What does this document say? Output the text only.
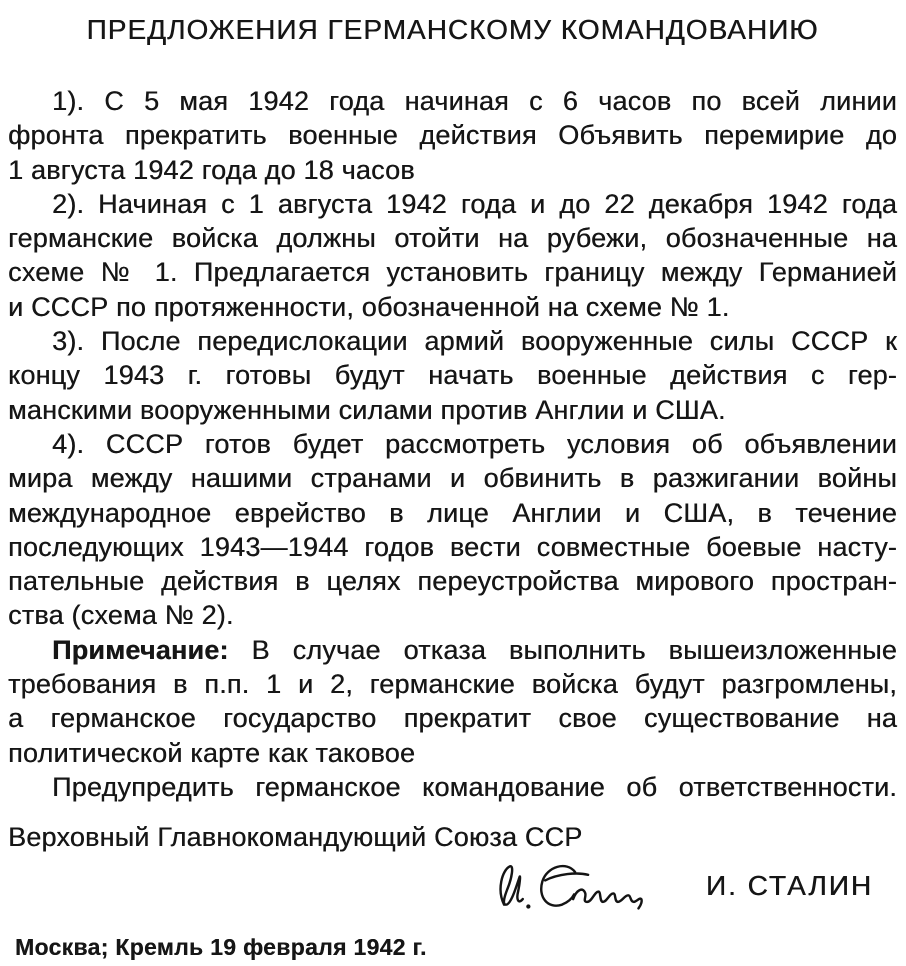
ПРЕДЛОЖЕНИЯ ГЕРМАНСКОМУ КОМАНДОВАНИЮ
1). С 5 мая 1942 года начиная с 6 часов по всей линии
фронта прекратить военные действия Объявить перемирие до
1 августа 1942 года до 18 часов
2). Начиная с 1 августа 1942 года и до 22 декабря 1942 года
германские войска должны отойти на рубежи, обозначенные на
схеме № 1. Предлагается установить границу между Германией
и СССР по протяженности, обозначенной на схеме № 1.
3). После передислокации армий вооруженные силы СССР к
концу 1943 г. готовы будут начать военные действия с гер-
манскими вооруженными силами против Англии и США.
4). СССР готов будет рассмотреть условия об объявлении
мира между нашими странами и обвинить в разжигании войны
международное еврейство в лице Англии и США, в течение
последующих 1943—1944 годов вести совместные боевые насту-
пательные действия в целях переустройства мирового простран-
ства (схема № 2).
Примечание: В случае отказа выполнить вышеизложенные
требования в п.п. 1 и 2, германские войска будут разгромлены,
а германское государство прекратит свое существование на
политической карте как таковое
Предупредить германское командование об ответственности.
Верховный Главнокомандующий Союза ССР
И. СТАЛИН
Москва; Кремль 19 февраля 1942 г.
